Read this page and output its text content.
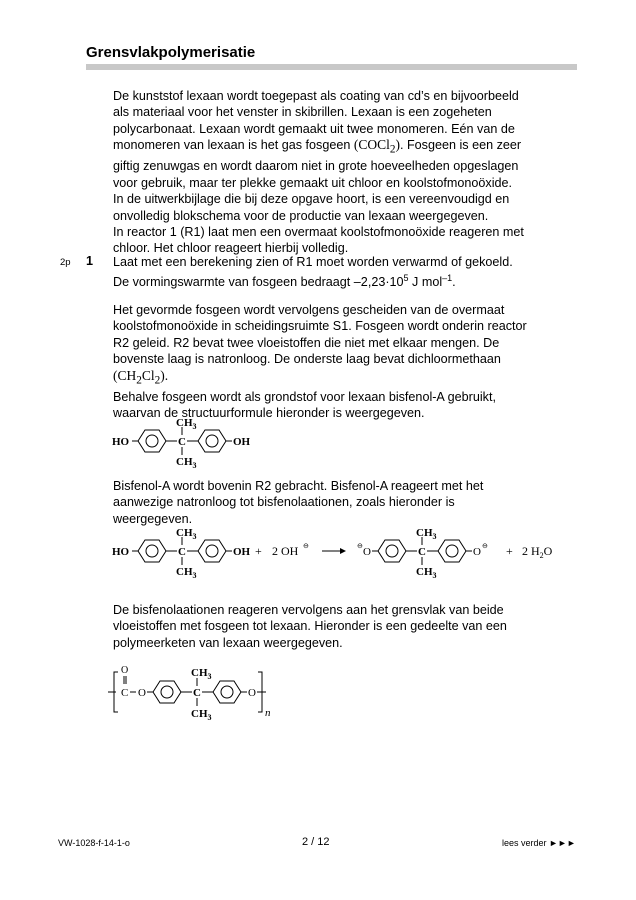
Grensvlakpolymerisatie

De kunststof lexaan wordt toegepast als coating van cd’s en bijvoorbeeld

als materiaal voor het venster in skibrillen. Lexaan is een zogeheten

polycarbonaat. Lexaan wordt gemaakt uit twee monomeren. Eén van de

monomeren van lexaan is het gas fosgeen (COCl$_2$). Fosgeen is een zeer

giftig zenuwgas en wordt daarom niet in grote hoeveelheden opgeslagen

voor gebruik, maar ter plekke gemaakt uit chloor en koolstofmonoöxide.

In de uitwerkbijlage die bij deze opgave hoort, is een vereenvoudigd en

onvolledig blokschema voor de productie van lexaan weergegeven.

In reactor 1 (R1) laat men een overmaat koolstofmonoöxide reageren met

chloor. Het chloor reageert hierbij volledig.

2p 1 Laat met een berekening zien of R1 moet worden verwarmd of gekoeld.

De vormingswarmte van fosgeen bedraagt $-2,23\cdot 10^5$ J mol$^{-1}$.

Het gevormde fosgeen wordt vervolgens gescheiden van de overmaat

koolstofmonoöxide in scheidingsruimte S1. Fosgeen wordt onderin reactor

R2 geleid. R2 bevat twee vloeistoffen die niet met elkaar mengen. De

bovenste laag is natronloog. De onderste laag bevat dichloormethaan

$(CH_2Cl_2)$.

Behalve fosgeen wordt als grondstof voor lexaan bisfenol-A gebruikt,

waarvan de structuurformule hieronder is weergegeven.

HO	C
$CH_3$
$CH_3$
OH

Bisfenol-A wordt bovenin R2 gebracht. Bisfenol-A reageert met het

aanwezige natronloog tot bisfenolaationen, zoals hieronder is

weergegeven.

HO	C
$CH_3$
$CH_3$
OH + 2 OH ⊖	⊖ O	C
$CH_3$
$CH_3$
O ⊖ + 2 $H_2O$

De bisfenolaationen reageren vervolgens aan het grensvlak van beide

vloeistoffen met fosgeen tot lexaan. Hieronder is een gedeelte van een

polymeerketen van lexaan weergegeven.

O
C O	C
$CH_3$
$CH_3$
O
n
VW-1028-f-14-1-o	2 / 12	lees verder ►►►
